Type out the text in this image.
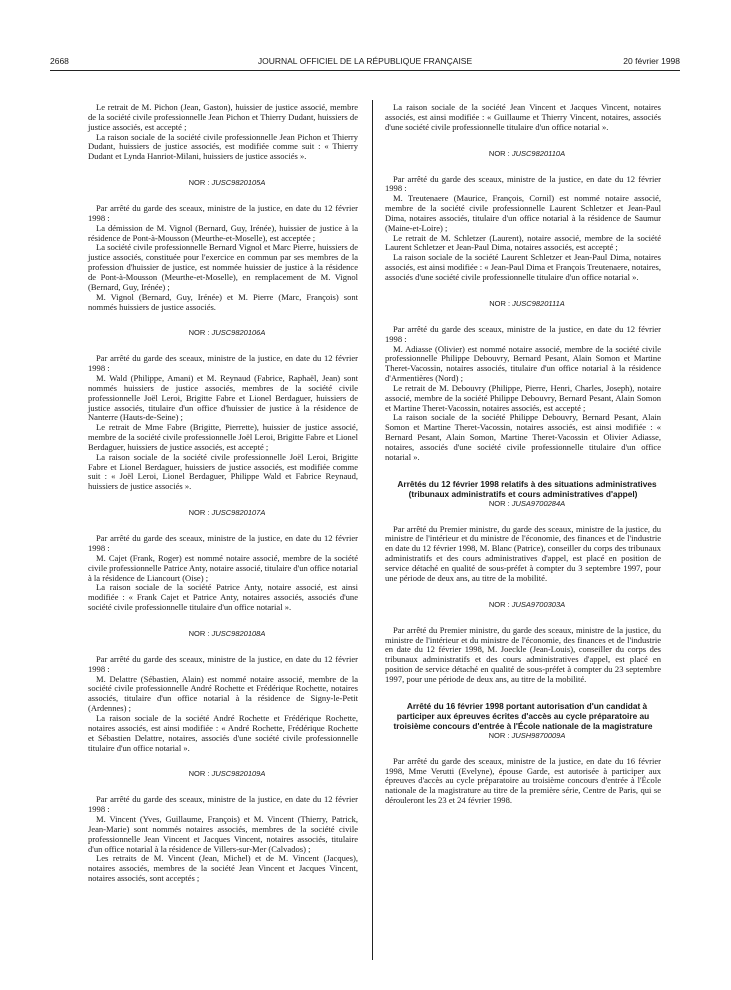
2668	JOURNAL OFFICIEL DE LA RÉPUBLIQUE FRANÇAISE	20 février 1998

Le retrait de M. Pichon (Jean, Gaston), huissier de justice associé, membre de la société civile professionnelle Jean Pichon et Thierry Dudant, huissiers de justice associés, est accepté ;

La raison sociale de la société civile professionnelle Jean Pichon et Thierry Dudant, huissiers de justice associés, est modifiée comme suit : « Thierry Dudant et Lynda Hanriot-Milani, huissiers de justice associés ».

NOR : JUSC9820105A

Par arrêté du garde des sceaux, ministre de la justice, en date du 12 février 1998 :

La démission de M. Vignol (Bernard, Guy, Irénée), huissier de justice à la résidence de Pont-à-Mousson (Meurthe-et-Moselle), est acceptée ;

La société civile professionnelle Bernard Vignol et Marc Pierre, huissiers de justice associés, constituée pour l'exercice en commun par ses membres de la profession d'huissier de justice, est nommée huissier de justice à la résidence de Pont-à-Mousson (Meurthe-et-Moselle), en remplacement de M. Vignol (Bernard, Guy, Irénée) ;

M. Vignol (Bernard, Guy, Irénée) et M. Pierre (Marc, François) sont nommés huissiers de justice associés.

NOR : JUSC9820106A

Par arrêté du garde des sceaux, ministre de la justice, en date du 12 février 1998 :

M. Wald (Philippe, Amani) et M. Reynaud (Fabrice, Raphaël, Jean) sont nommés huissiers de justice associés, membres de la société civile professionnelle Joël Leroi, Brigitte Fabre et Lionel Berdaguer, huissiers de justice associés, titulaire d'un office d'huissier de justice à la résidence de Nanterre (Hauts-de-Seine) ;

Le retrait de Mme Fabre (Brigitte, Pierrette), huissier de justice associé, membre de la société civile professionnelle Joël Leroi, Brigitte Fabre et Lionel Berdaguer, huissiers de justice associés, est accepté ;

La raison sociale de la société civile professionnelle Joël Leroi, Brigitte Fabre et Lionel Berdaguer, huissiers de justice associés, est modifiée comme suit : « Joël Leroi, Lionel Berdaguer, Philippe Wald et Fabrice Reynaud, huissiers de justice associés ».

NOR : JUSC9820107A

Par arrêté du garde des sceaux, ministre de la justice, en date du 12 février 1998 :

M. Cajet (Frank, Roger) est nommé notaire associé, membre de la société civile professionnelle Patrice Anty, notaire associé, titulaire d'un office notarial à la résidence de Liancourt (Oise) ;

La raison sociale de la société Patrice Anty, notaire associé, est ainsi modifiée : « Frank Cajet et Patrice Anty, notaires associés, associés d'une société civile professionnelle titulaire d'un office notarial ».

NOR : JUSC9820108A

Par arrêté du garde des sceaux, ministre de la justice, en date du 12 février 1998 :

M. Delattre (Sébastien, Alain) est nommé notaire associé, membre de la société civile professionnelle André Rochette et Frédérique Rochette, notaires associés, titulaire d'un office notarial à la résidence de Signy-le-Petit (Ardennes) ;

La raison sociale de la société André Rochette et Frédérique Rochette, notaires associés, est ainsi modifiée : « André Rochette, Frédérique Rochette et Sébastien Delattre, notaires, associés d'une société civile professionnelle titulaire d'un office notarial ».

NOR : JUSC9820109A

Par arrêté du garde des sceaux, ministre de la justice, en date du 12 février 1998 :

M. Vincent (Yves, Guillaume, François) et M. Vincent (Thierry, Patrick, Jean-Marie) sont nommés notaires associés, membres de la société civile professionnelle Jean Vincent et Jacques Vincent, notaires associés, titulaire d'un office notarial à la résidence de Villers-sur-Mer (Calvados) ;

Les retraits de M. Vincent (Jean, Michel) et de M. Vincent (Jacques), notaires associés, membres de la société Jean Vincent et Jacques Vincent, notaires associés, sont acceptés ;

La raison sociale de la société Jean Vincent et Jacques Vincent, notaires associés, est ainsi modifiée : « Guillaume et Thierry Vincent, notaires, associés d'une société civile professionnelle titulaire d'un office notarial ».

NOR : JUSC9820110A

Par arrêté du garde des sceaux, ministre de la justice, en date du 12 février 1998 :

M. Treutenaere (Maurice, François, Cornil) est nommé notaire associé, membre de la société civile professionnelle Laurent Schletzer et Jean-Paul Dima, notaires associés, titulaire d'un office notarial à la résidence de Saumur (Maine-et-Loire) ;

Le retrait de M. Schletzer (Laurent), notaire associé, membre de la société Laurent Schletzer et Jean-Paul Dima, notaires associés, est accepté ;

La raison sociale de la société Laurent Schletzer et Jean-Paul Dima, notaires associés, est ainsi modifiée : « Jean-Paul Dima et François Treutenaere, notaires, associés d'une société civile professionnelle titulaire d'un office notarial ».

NOR : JUSC9820111A

Par arrêté du garde des sceaux, ministre de la justice, en date du 12 février 1998 :

M. Adiasse (Olivier) est nommé notaire associé, membre de la société civile professionnelle Philippe Debouvry, Bernard Pesant, Alain Somon et Martine Theret-Vacossin, notaires associés, titulaire d'un office notarial à la résidence d'Armentières (Nord) ;

Le retrait de M. Debouvry (Philippe, Pierre, Henri, Charles, Joseph), notaire associé, membre de la société Philippe Debouvry, Bernard Pesant, Alain Somon et Martine Theret-Vacossin, notaires associés, est accepté ;

La raison sociale de la société Philippe Debouvry, Bernard Pesant, Alain Somon et Martine Theret-Vacossin, notaires associés, est ainsi modifiée : « Bernard Pesant, Alain Somon, Martine Theret-Vacossin et Olivier Adiasse, notaires, associés d'une société civile professionnelle titulaire d'un office notarial ».

Arrêtés du 12 février 1998 relatifs à des situations administratives (tribunaux administratifs et cours administratives d'appel)

NOR : JUSA9700284A

Par arrêté du Premier ministre, du garde des sceaux, ministre de la justice, du ministre de l'intérieur et du ministre de l'économie, des finances et de l'industrie en date du 12 février 1998, M. Blanc (Patrice), conseiller du corps des tribunaux administratifs et des cours administratives d'appel, est placé en position de service détaché en qualité de sous-préfet à compter du 3 septembre 1997, pour une période de deux ans, au titre de la mobilité.

NOR : JUSA9700303A

Par arrêté du Premier ministre, du garde des sceaux, ministre de la justice, du ministre de l'intérieur et du ministre de l'économie, des finances et de l'industrie en date du 12 février 1998, M. Joeckle (Jean-Louis), conseiller du corps des tribunaux administratifs et des cours administratives d'appel, est placé en position de service détaché en qualité de sous-préfet à compter du 23 septembre 1997, pour une période de deux ans, au titre de la mobilité.

Arrêté du 16 février 1998 portant autorisation d'un candidat à participer aux épreuves écrites d'accès au cycle préparatoire au troisième concours d'entrée à l'École nationale de la magistrature

NOR : JUSH9870009A

Par arrêté du garde des sceaux, ministre de la justice, en date du 16 février 1998, Mme Verutti (Evelyne), épouse Garde, est autorisée à participer aux épreuves d'accès au cycle préparatoire au troisième concours d'entrée à l'École nationale de la magistrature au titre de la première série, Centre de Paris, qui se dérouleront les 23 et 24 février 1998.
